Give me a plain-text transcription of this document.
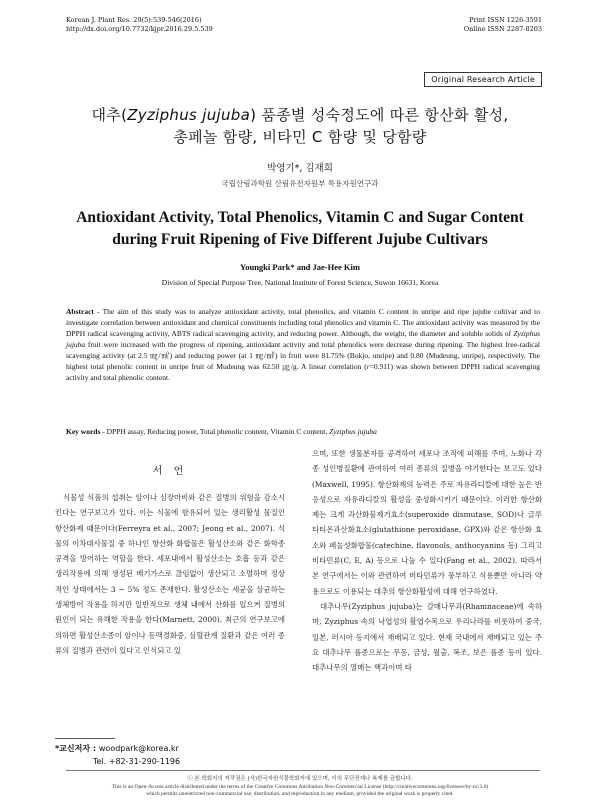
Korean J. Plant Res. 29(5):539-546(2016)
http://dx.doi.org/10.7732/kjpr.2016.29.5.539
Print ISSN 1226-3591
Online ISSN 2287-8203
Original Research Article
대추(Zyziphus jujuba) 품종별 성숙정도에 따른 항산화 활성,
총페놀 함량, 비타민 C 함량 및 당함량
박영기*, 김재희
국립산림과학원 산림유전자원부 특용자원연구과
Antioxidant Activity, Total Phenolics, Vitamin C and Sugar Content
during Fruit Ripening of Five Different Jujube Cultivars
Youngki Park* and Jae-Hee Kim
Division of Special Purpose Tree, National Institute of Forest Science, Suwon 16631, Korea
Abstract - The aim of this study was to analyze antioxidant activity, total phenolics, and vitamin C content in unripe and ripe jujube cultivar and to investigate correlation between antioxidant and chemical constituents including total phenolics and vitamin C. The antioxidant activity was measured by the DPPH radical scavenging activity, ABTS radical scavenging activity, and reducing power. Although, the weight, the diameter and soluble solids of Zyziphus jujuba fruit were increased with the progress of ripening, antioxidant activity and total phenolics were decrease during ripening. The highest free-radical scavenging activity (at 2.5 ㎎/㎖) and reducing power (at 1 ㎎/㎖) in fruit were 81.75% (Bokjo, unripe) and 0.80 (Mudeung, unripe), respectively. The highest total phenolic content in unripe fruit of Mudeung was 62.50 ㎍/g. A linear correlation (r=0.911) was shown between DPPH radical scavenging activity and total phenolic content.
Key words - DPPH assay, Reducing power, Total phenolic content, Vitamin C content, Zyziphus jujuba
서 언

식물성 식품의 섭취는 암이나 심장마비와 같은 질병의 위험을 감소시킨다는 연구보고가 있다. 이는 식물에 함유되어 있는 생리활성 물질인 항산화제 때문이다(Ferreyra et al., 2007; Jeong et al., 2007). 식물의 이차대사물질 중 하나인 항산화 화합물은 활성산소와 같은 화학종 공격을 방어하는 역할을 한다. 세포내에서 활성산소는 호흡 등과 같은 생리작용에 의해 생성된 배기가스로 끊임없이 생산되고 소멸하며 정상적인 상태에서는 3 ~ 5% 정도 존재한다. 활성산소는 세균을 살균하는 생체방어 작용을 하지만 일반적으로 생체 내에서 산화를 일으켜 질병의 원인이 되는 유해한 작용을 한다(Marnett, 2000). 최근의 연구보고에 의하면 활성산소종이 암이나 동맥경화증, 심혈관계 질환과 같은 여러 종류의 질병과 관련이 있다고 인식되고 있

으며, 또한 생물분자를 공격하여 세포나 조직에 피해를 주며, 노화나 각종 성인병질환에 관여하여 여러 종류의 질병을 야기한다는 보고도 있다(Maxwell, 1995). 항산화제의 능력은 주로 자유라디칼에 대한 높은 반응성으로 자유라디칼의 활성을 중성화시키기 때문이다. 이러한 항산화제는 크게 과산화물제거효소(superoxide dismutase, SOD)나 글루타티온과산화효소(glutathione peroxidase, GPX)와 같은 항산화 효소와 페놀성화합물(catechine, flavonols, anthocyanins 등) 그리고 비타민류(C, E, A) 등으로 나눌 수 있다(Fang et al., 2002). 따라서 본 연구에서는 이와 관련하여 비타민류가 풍부하고 식용뿐만 아니라 약용으로도 이용되는 대추의 항산화활성에 대해 연구하였다.

대추나무(Zyziphus jujuba)는 갈매나무과(Rhamnaceae)에 속하며, Zyziphus 속의 낙엽성의 활엽수목으로 우리나라를 비롯하여 중국, 일본, 러시아 등지에서 재배되고 있다. 현재 국내에서 재배되고 있는 주요 대추나무 품종으로는 무등, 금성, 월출, 복조, 보은 품종 등이 있다. 대추나무의 열매는 핵과이며 타

*교신저자 : woodpark@korea.kr
Tel. +82-31-290-1196
ⓒ 본 학회지의 저작권은 (사)한국자원식물학회지에 있으며, 이의 무단전재나 복제를 금합니다.
This is an Open-Access article distributed under the terms of the Creative Commons Attribution Non-Commercial License (http://creativecommons.org/licenses/by-nc/3.0)
which permits unrestricted non-commercial use, distribution, and reproduction in any medium, provided the original work is properly cited.
